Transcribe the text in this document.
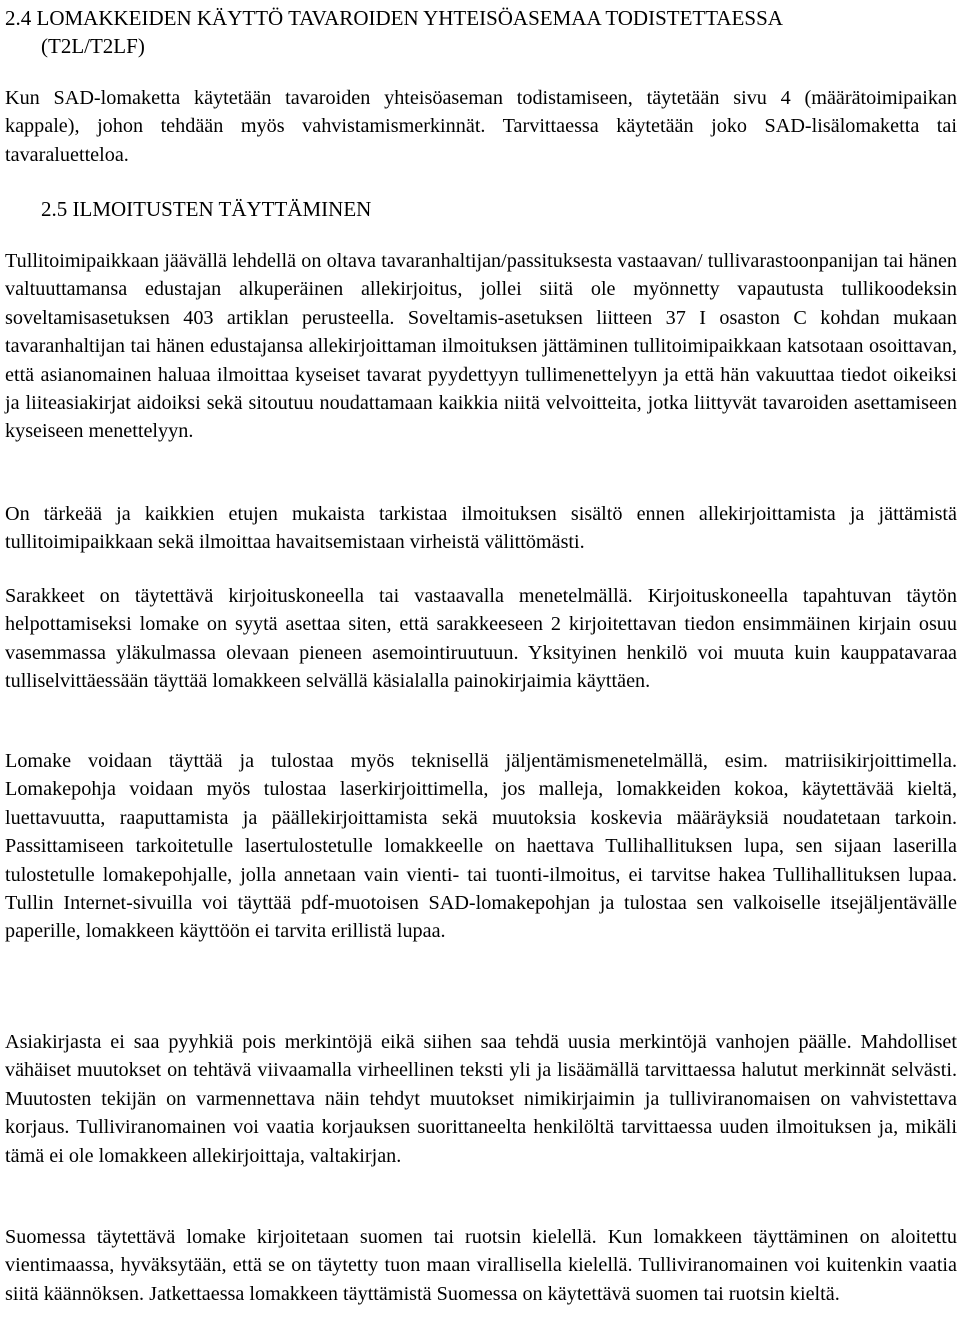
2.4 LOMAKKEIDEN KÄYTTÖ TAVAROIDEN YHTEISÖASEMAA TODISTETTAESSA
(T2L/T2LF)

Kun SAD-lomaketta käytetään tavaroiden yhteisöaseman todistamiseen, täytetään sivu 4 (määrätoimipaikan kappale), johon tehdään myös vahvistamismerkinnät. Tarvittaessa käytetään joko SAD-lisälomaketta tai tavaraluetteloa.

2.5 ILMOITUSTEN TÄYTTÄMINEN

Tullitoimipaikkaan jäävällä lehdellä on oltava tavaranhaltijan/passituksesta vastaavan/ tullivarastoonpanijan tai hänen valtuuttamansa edustajan alkuperäinen allekirjoitus, jollei siitä ole myönnetty vapautusta tullikoodeksin soveltamisasetuksen 403 artiklan perusteella. Soveltamis-asetuksen liitteen 37 I osaston C kohdan mukaan tavaranhaltijan tai hänen edustajansa allekirjoittaman ilmoituksen jättäminen tullitoimipaikkaan katsotaan osoittavan, että asianomainen haluaa ilmoittaa kyseiset tavarat pyydettyyn tullimenettelyyn ja että hän vakuuttaa tiedot oikeiksi ja liiteasiakirjat aidoiksi sekä sitoutuu noudattamaan kaikkia niitä velvoitteita, jotka liittyvät tavaroiden asettamiseen kyseiseen menettelyyn.

On tärkeää ja kaikkien etujen mukaista tarkistaa ilmoituksen sisältö ennen allekirjoittamista ja jättämistä tullitoimipaikkaan sekä ilmoittaa havaitsemistaan virheistä välittömästi.

Sarakkeet on täytettävä kirjoituskoneella tai vastaavalla menetelmällä. Kirjoituskoneella tapahtuvan täytön helpottamiseksi lomake on syytä asettaa siten, että sarakkeeseen 2 kirjoitettavan tiedon ensimmäinen kirjain osuu vasemmassa yläkulmassa olevaan pieneen asemointiruutuun. Yksityinen henkilö voi muuta kuin kauppatavaraa tulliselvittäessään täyttää lomakkeen selvällä käsialalla painokirjaimia käyttäen.

Lomake voidaan täyttää ja tulostaa myös teknisellä jäljentämismenetelmällä, esim. matriisikirjoittimella. Lomakepohja voidaan myös tulostaa laserkirjoittimella, jos malleja, lomakkeiden kokoa, käytettävää kieltä, luettavuutta, raaputtamista ja päällekirjoittamista sekä muutoksia koskevia määräyksiä noudatetaan tarkoin. Passittamiseen tarkoitetulle lasertulostetulle lomakkeelle on haettava Tullihallituksen lupa, sen sijaan laserilla tulostetulle lomakepohjalle, jolla annetaan vain vienti- tai tuonti-ilmoitus, ei tarvitse hakea Tullihallituksen lupaa. Tullin Internet-sivuilla voi täyttää pdf-muotoisen SAD-lomakepohjan ja tulostaa sen valkoiselle itsejäljentävälle paperille, lomakkeen käyttöön ei tarvita erillistä lupaa.

Asiakirjasta ei saa pyyhkiä pois merkintöjä eikä siihen saa tehdä uusia merkintöjä vanhojen päälle. Mahdolliset vähäiset muutokset on tehtävä viivaamalla virheellinen teksti yli ja lisäämällä tarvittaessa halutut merkinnät selvästi. Muutosten tekijän on varmennettava näin tehdyt muutokset nimikirjaimin ja tulliviranomaisen on vahvistettava korjaus. Tulliviranomainen voi vaatia korjauksen suorittaneelta henkilöltä tarvittaessa uuden ilmoituksen ja, mikäli tämä ei ole lomakkeen allekirjoittaja, valtakirjan.

Suomessa täytettävä lomake kirjoitetaan suomen tai ruotsin kielellä. Kun lomakkeen täyttäminen on aloitettu vientimaassa, hyväksytään, että se on täytetty tuon maan virallisella kielellä. Tulliviranomainen voi kuitenkin vaatia siitä käännöksen. Jatkettaessa lomakkeen täyttämistä Suomessa on käytettävä suomen tai ruotsin kieltä.
